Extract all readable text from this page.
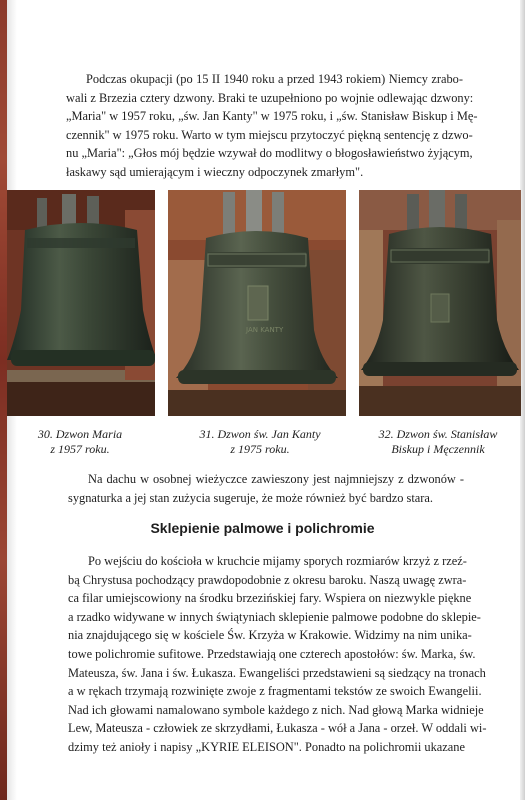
Podczas okupacji (po 15 II 1940 roku a przed 1943 rokiem) Niemcy zrabo-
wali z Brzezia cztery dzwony. Braki te uzupełniono po wojnie odlewając dzwony:
„Maria" w 1957 roku, „św. Jan Kanty" w 1975 roku, i „św. Stanisław Biskup i Mę-
czennik" w 1975 roku. Warto w tym miejscu przytoczyć piękną sentencję z dzwo-
nu „Maria": „Głos mój będzie wzywał do modlitwy o błogosławieństwo żyjącym,
łaskawy sąd umierającym i wieczny odpoczynek zmarłym".
JAN KANTY
30. Dzwon Maria
z 1957 roku.
31. Dzwon św. Jan Kanty
z 1975 roku.
32. Dzwon św. Stanisław
Biskup i Męczennik
Na dachu w osobnej wieżyczce zawieszony jest najmniejszy z dzwonów -
sygnaturka a jej stan zużycia sugeruje, że może również być bardzo stara.
Sklepienie palmowe i polichromie
Po wejściu do kościoła w kruchcie mijamy sporych rozmiarów krzyż z rzeź-
bą Chrystusa pochodzący prawdopodobnie z okresu baroku. Naszą uwagę zwra-
ca filar umiejscowiony na środku brzezińskiej fary. Wspiera on niezwykle piękne
a rzadko widywane w innych świątyniach sklepienie palmowe podobne do sklepie-
nia znajdującego się w kościele Św. Krzyża w Krakowie. Widzimy na nim unika-
towe polichromie sufitowe. Przedstawiają one czterech apostołów: św. Marka, św.
Mateusza, św. Jana i św. Łukasza. Ewangeliści przedstawieni są siedzący na tronach
a w rękach trzymają rozwinięte zwoje z fragmentami tekstów ze swoich Ewangelii.
Nad ich głowami namalowano symbole każdego z nich. Nad głową Marka widnieje
Lew, Mateusza - człowiek ze skrzydłami, Łukasza - wół a Jana - orzeł. W oddali wi-
dzimy też anioły i napisy „KYRIE ELEISON". Ponadto na polichromii ukazane
